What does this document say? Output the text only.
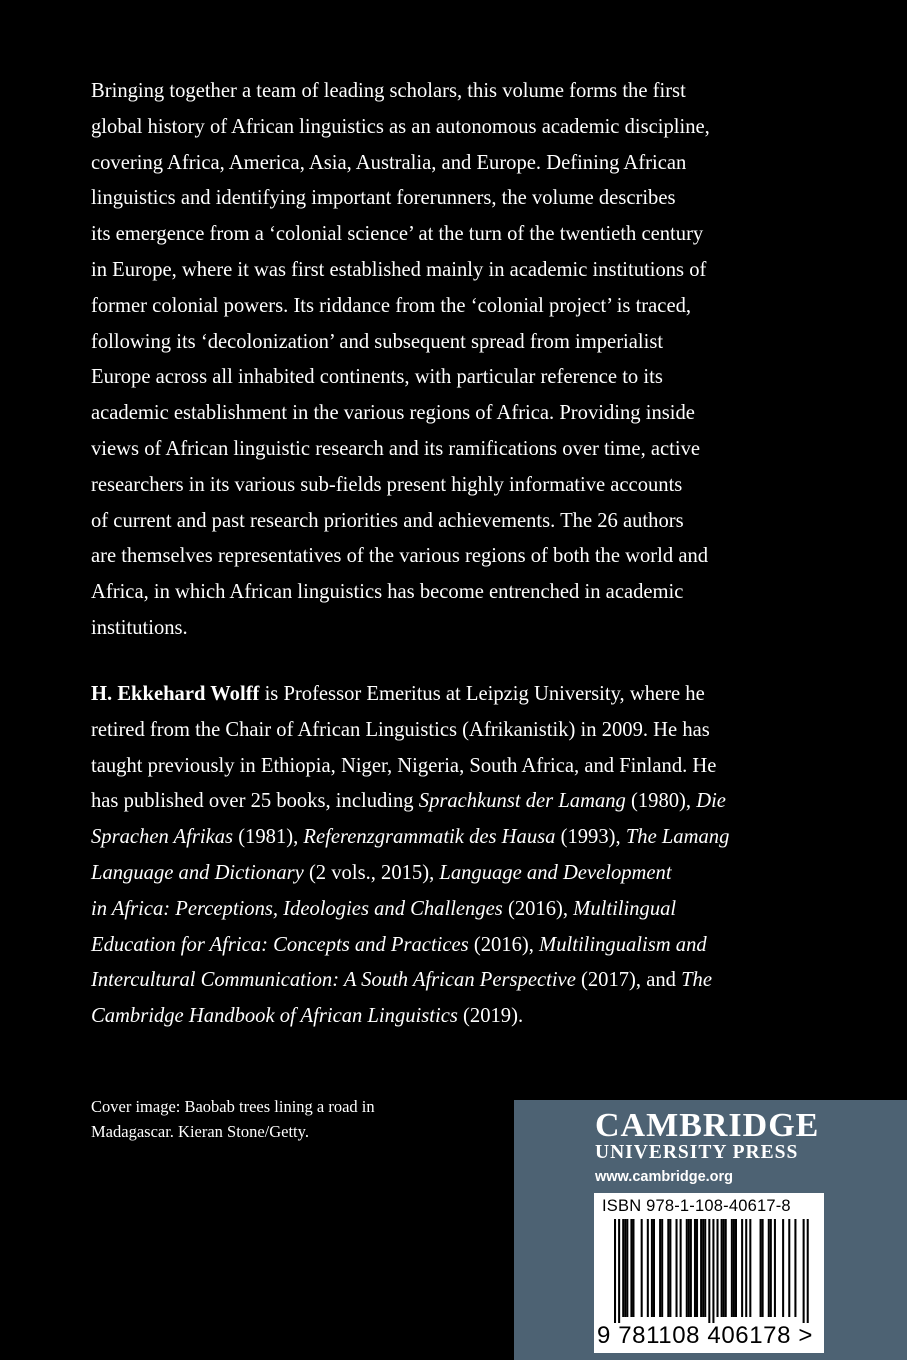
Bringing together a team of leading scholars, this volume forms the first
global history of African linguistics as an autonomous academic discipline,
covering Africa, America, Asia, Australia, and Europe. Defining African
linguistics and identifying important forerunners, the volume describes
its emergence from a ‘colonial science’ at the turn of the twentieth century
in Europe, where it was first established mainly in academic institutions of
former colonial powers. Its riddance from the ‘colonial project’ is traced,
following its ‘decolonization’ and subsequent spread from imperialist
Europe across all inhabited continents, with particular reference to its
academic establishment in the various regions of Africa. Providing inside
views of African linguistic research and its ramifications over time, active
researchers in its various sub-fields present highly informative accounts
of current and past research priorities and achievements. The 26 authors
are themselves representatives of the various regions of both the world and
Africa, in which African linguistics has become entrenched in academic
institutions.
H. Ekkehard Wolff is Professor Emeritus at Leipzig University, where he
retired from the Chair of African Linguistics (Afrikanistik) in 2009. He has
taught previously in Ethiopia, Niger, Nigeria, South Africa, and Finland. He
has published over 25 books, including Sprachkunst der Lamang (1980), Die
Sprachen Afrikas (1981), Referenzgrammatik des Hausa (1993), The Lamang
Language and Dictionary (2 vols., 2015), Language and Development
in Africa: Perceptions, Ideologies and Challenges (2016), Multilingual
Education for Africa: Concepts and Practices (2016), Multilingualism and
Intercultural Communication: A South African Perspective (2017), and The
Cambridge Handbook of African Linguistics (2019).
Cover image: Baobab trees lining a road in
Madagascar. Kieran Stone/Getty.	CAMBRIDGE
UNIVERSITY PRESS
www.cambridge.org
ISBN 978-1-108-40617-8
9 781108 406178 >
